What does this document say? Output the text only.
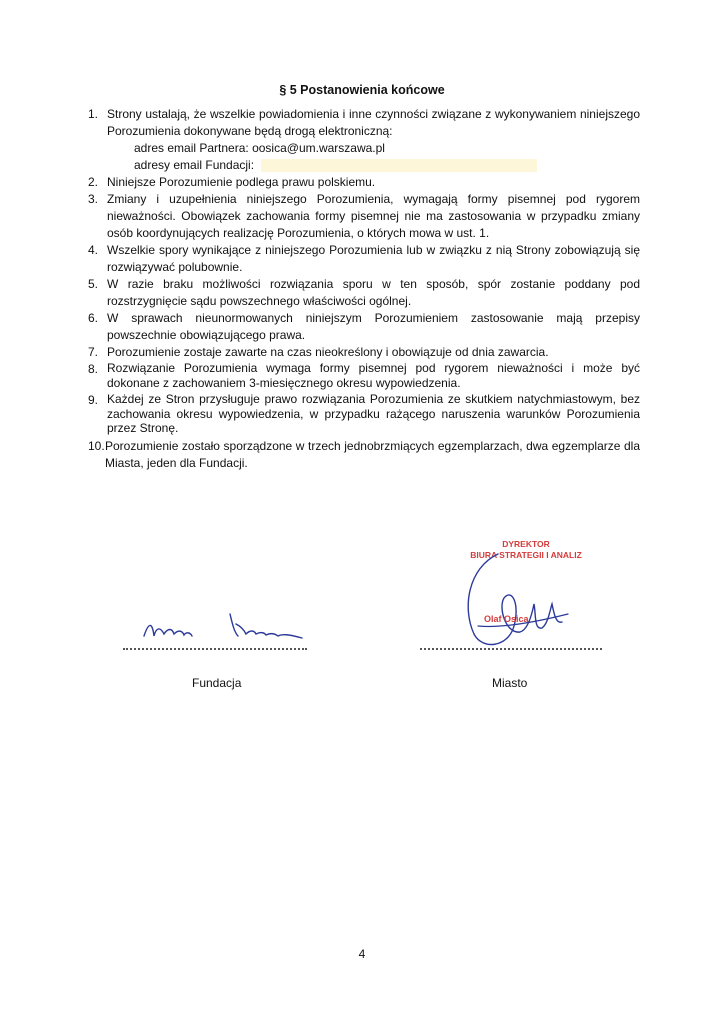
§ 5 Postanowienia końcowe
1. Strony ustalają, że wszelkie powiadomienia i inne czynności związane z wykonywaniem niniejszego Porozumienia dokonywane będą drogą elektroniczną:
adres email Partnera: oosica@um.warszawa.pl
adresy email Fundacji:
2. Niniejsze Porozumienie podlega prawu polskiemu.
3. Zmiany i uzupełnienia niniejszego Porozumienia, wymagają formy pisemnej pod rygorem nieważności. Obowiązek zachowania formy pisemnej nie ma zastosowania w przypadku zmiany osób koordynujących realizację Porozumienia, o których mowa w ust. 1.
4. Wszelkie spory wynikające z niniejszego Porozumienia lub w związku z nią Strony zobowiązują się rozwiązywać polubownie.
5. W razie braku możliwości rozwiązania sporu w ten sposób, spór zostanie poddany pod rozstrzygnięcie sądu powszechnego właściwości ogólnej.
6. W sprawach nieunormowanych niniejszym Porozumieniem zastosowanie mają przepisy powszechnie obowiązującego prawa.
7. Porozumienie zostaje zawarte na czas nieokreślony i obowiązuje od dnia zawarcia.
8. Rozwiązanie Porozumienia wymaga formy pisemnej pod rygorem nieważności i może być dokonane z zachowaniem 3-miesięcznego okresu wypowiedzenia.
9. Każdej ze Stron przysługuje prawo rozwiązania Porozumienia ze skutkiem natychmiastowym, bez zachowania okresu wypowiedzenia, w przypadku rażącego naruszenia warunków Porozumienia przez Stronę.
10. Porozumienie zostało sporządzone w trzech jednobrzmiących egzemplarzach, dwa egzemplarze dla Miasta, jeden dla Fundacji.
Fundacja
DYREKTOR
BIURA STRATEGII I ANALIZ
Olaf Osica
Miasto
4
